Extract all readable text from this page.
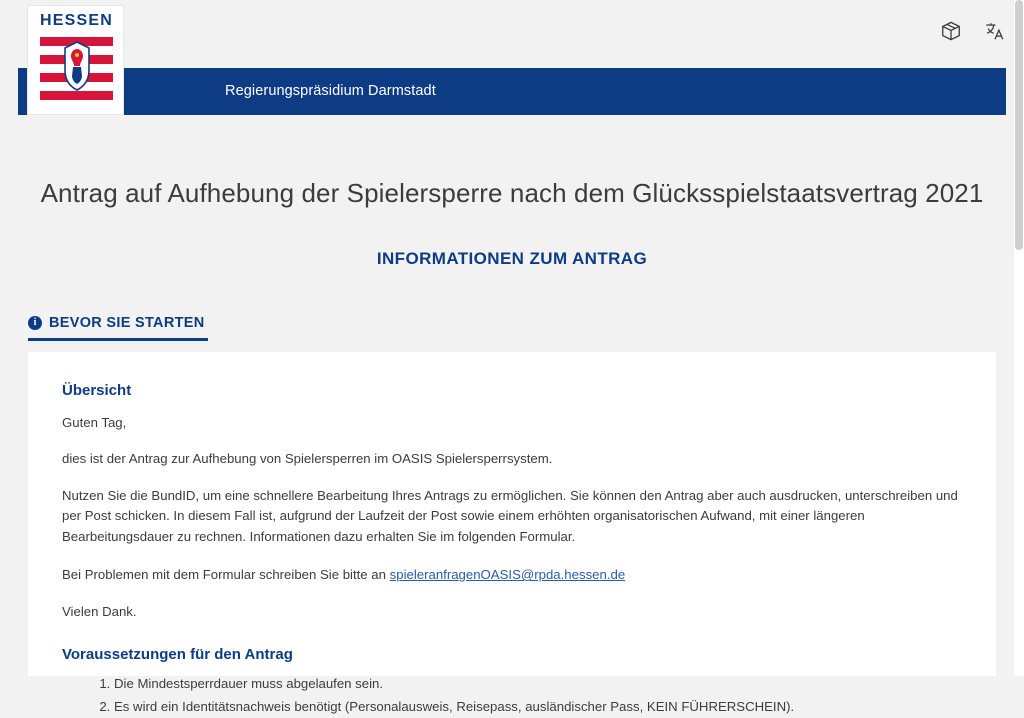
Regierungspräsidium Darmstadt
HESSEN
Antrag auf Aufhebung der Spielersperre nach dem Glücksspielstaatsvertrag 2021
INFORMATIONEN ZUM ANTRAG
i BEVOR SIE STARTEN
Übersicht

Guten Tag,

dies ist der Antrag zur Aufhebung von Spielersperren im OASIS Spielersperrsystem.

Nutzen Sie die BundID, um eine schnellere Bearbeitung Ihres Antrags zu ermöglichen. Sie können den Antrag aber auch ausdrucken, unterschreiben und per Post schicken. In diesem Fall ist, aufgrund der Laufzeit der Post sowie einem erhöhten organisatorischen Aufwand, mit einer längeren Bearbeitungsdauer zu rechnen. Informationen dazu erhalten Sie im folgenden Formular.

Bei Problemen mit dem Formular schreiben Sie bitte an spieleranfragenOASIS@rpda.hessen.de

Vielen Dank.

Voraussetzungen für den Antrag
1. Die Mindestsperrdauer muss abgelaufen sein.
2. Es wird ein Identitätsnachweis benötigt (Personalausweis, Reisepass, ausländischer Pass, KEIN FÜHRERSCHEIN).
